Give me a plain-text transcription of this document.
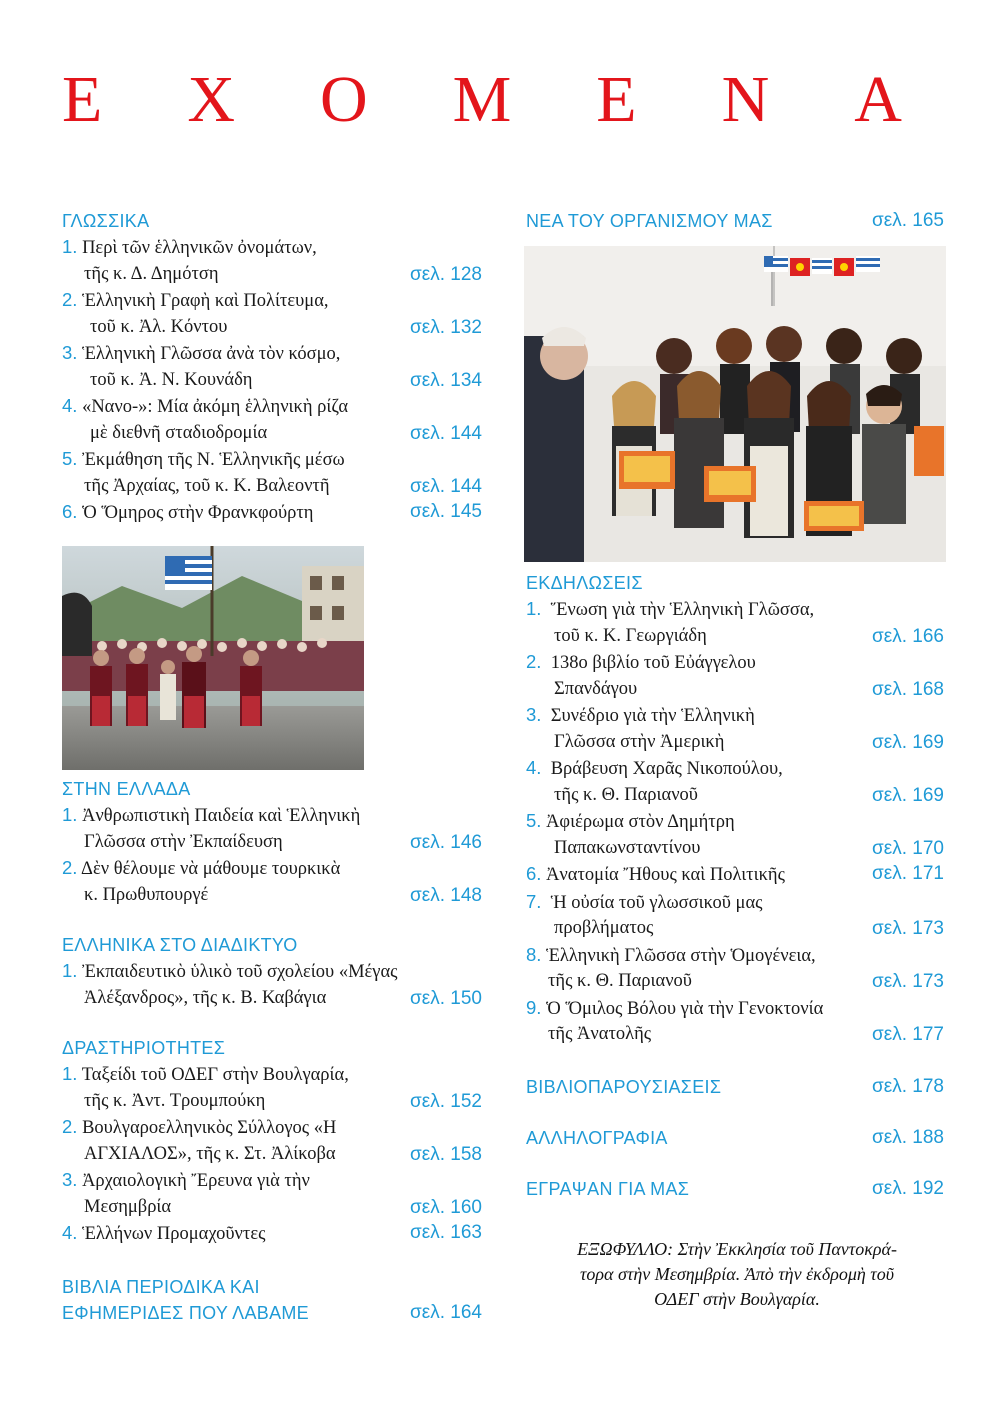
Ε Χ Ο Μ Ε Ν Α
ΓΛΩΣΣΙΚΑ
1. Περὶ τῶν ἑλληνικῶν ὀνομάτων,
τῆς κ. Δ. Δημότση	σελ. 128
2. Ἑλληνικὴ Γραφὴ καὶ Πολίτευμα,
τοῦ κ. Ἀλ. Κόντου	σελ. 132
3. Ἑλληνικὴ Γλῶσσα ἀνὰ τὸν κόσμο,
τοῦ κ. Ἀ. Ν. Κουνάδη	σελ. 134
4. «Νανο-»: Μία ἀκόμη ἑλληνικὴ ρίζα
μὲ διεθνῆ σταδιοδρομία	σελ. 144
5. Ἐκμάθηση τῆς Ν. Ἑλληνικῆς μέσω
τῆς Ἀρχαίας, τοῦ κ. Κ. Βαλεοντῆ	σελ. 144
6. Ὁ Ὅμηρος στὴν Φρανκφούρτη	σελ. 145
ΣΤΗΝ ΕΛΛΑΔΑ
1. Ἀνθρωπιστικὴ Παιδεία καὶ Ἑλληνικὴ
Γλῶσσα στὴν Ἐκπαίδευση	σελ. 146
2. Δὲν θέλουμε νὰ μάθουμε τουρκικὰ
κ. Πρωθυπουργέ	σελ. 148
ΕΛΛΗΝΙΚΑ ΣΤΟ ΔΙΑΔΙΚΤΥΟ
1. Ἐκπαιδευτικὸ ὑλικὸ τοῦ σχολείου «Μέγας
Ἀλέξανδρος», τῆς κ. Β. Καβάγια	σελ. 150
ΔΡΑΣΤΗΡΙΟΤΗΤΕΣ
1. Ταξείδι τοῦ ΟΔΕΓ στὴν Βουλγαρία,
τῆς κ. Ἀντ. Τρουμπούκη	σελ. 152
2. Βουλγαροελληνικὸς Σύλλογος «Η
ΑΓΧΙΑΛΟΣ», τῆς κ. Στ. Ἀλίκοβα	σελ. 158
3. Ἀρχαιολογικὴ Ἔρευνα γιὰ τὴν
Μεσημβρία	σελ. 160
4. Ἑλλήνων Προμαχοῦντες	σελ. 163
ΒΙΒΛΙΑ ΠΕΡΙΟΔΙΚΑ ΚΑΙ
ΕΦΗΜΕΡΙΔΕΣ ΠΟΥ ΛΑΒΑΜΕ	σελ. 164
ΝΕΑ ΤΟΥ ΟΡΓΑΝΙΣΜΟΥ ΜΑΣ	σελ. 165
ΕΚΔΗΛΩΣΕΙΣ
1. Ἕνωση γιὰ τὴν Ἑλληνικὴ Γλῶσσα,
τοῦ κ. Κ. Γεωργιάδη	σελ. 166
2. 138ο βιβλίο τοῦ Εὐάγγελου
Σπανδάγου	σελ. 168
3. Συνέδριο γιὰ τὴν Ἑλληνικὴ
Γλῶσσα στὴν Ἀμερικὴ	σελ. 169
4. Βράβευση Χαρᾶς Νικοπούλου,
τῆς κ. Θ. Παριανοῦ	σελ. 169
5. Ἀφιέρωμα στὸν Δημήτρη
Παπακωνσταντίνου	σελ. 170
6. Ἀνατομία Ἤθους καὶ Πολιτικῆς	σελ. 171
7. Ἡ οὐσία τοῦ γλωσσικοῦ μας
προβλήματος	σελ. 173
8. Ἑλληνικὴ Γλῶσσα στὴν Ὁμογένεια,
τῆς κ. Θ. Παριανοῦ	σελ. 173
9. Ὁ Ὅμιλος Βόλου γιὰ τὴν Γενοκτονία
τῆς Ἀνατολῆς	σελ. 177
ΒΙΒΛΙΟΠΑΡΟΥΣΙΑΣΕΙΣ	σελ. 178
ΑΛΛΗΛΟΓΡΑΦΙΑ	σελ. 188
ΕΓΡΑΨΑΝ ΓΙΑ ΜΑΣ	σελ. 192
ΕΞΩΦΥΛΛΟ: Στὴν Ἐκκλησία τοῦ Παντοκρά-
τορα στὴν Μεσημβρία. Ἀπὸ τὴν ἐκδρομὴ τοῦ
ΟΔΕΓ στὴν Βουλγαρία.
